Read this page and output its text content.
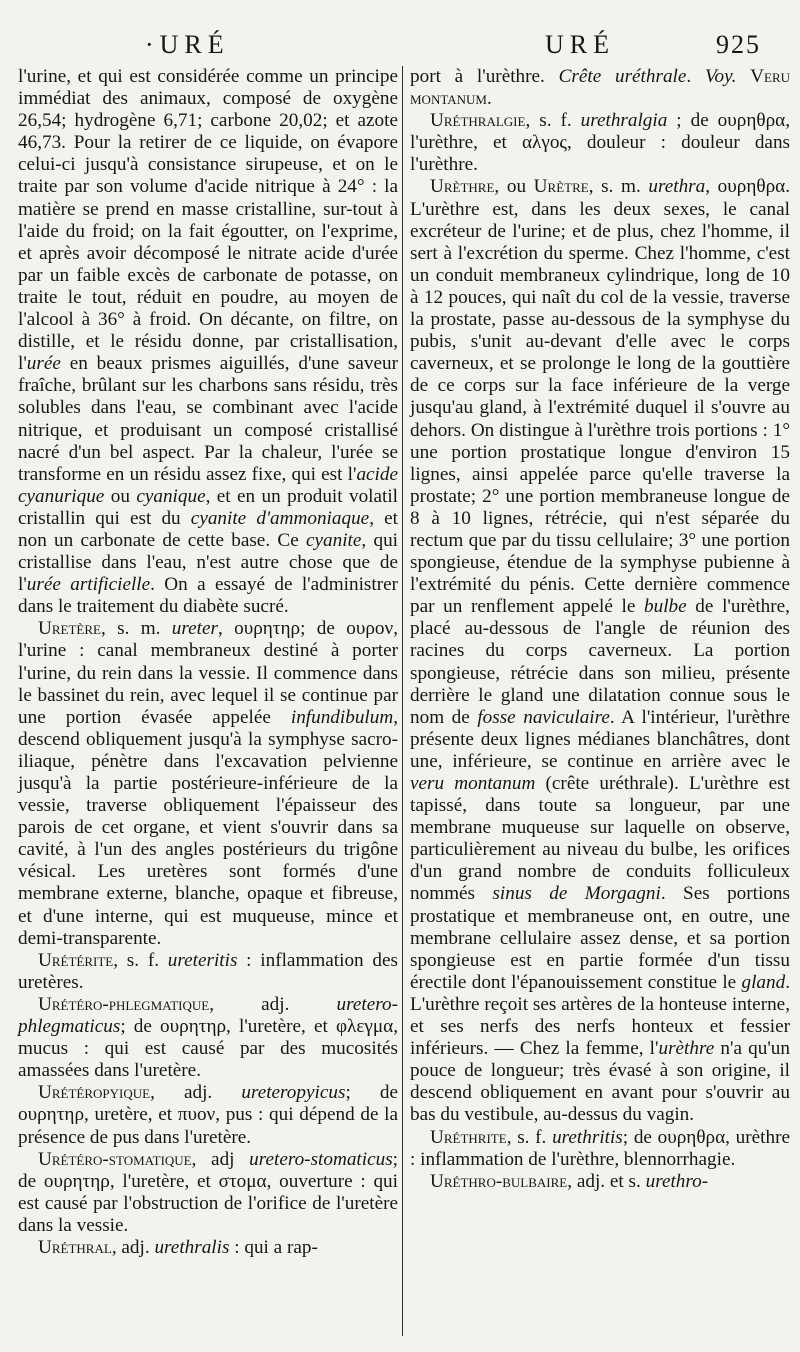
·URÉ	URÉ	925

l'urine, et qui est considérée comme un principe immédiat des animaux, composé de oxygène 26,54; hydrogène 6,71; carbone 20,02; et azote 46,73. Pour la retirer de ce liquide, on évapore celui-ci jusqu'à consistance sirupeuse, et on le traite par son volume d'acide nitrique à 24° : la matière se prend en masse cristalline, sur-tout à l'aide du froid; on la fait égoutter, on l'exprime, et après avoir décomposé le nitrate acide d'urée par un faible excès de carbonate de potasse, on traite le tout, réduit en poudre, au moyen de l'alcool à 36° à froid. On décante, on filtre, on distille, et le résidu donne, par cristallisation, l'urée en beaux prismes aiguillés, d'une saveur fraîche, brûlant sur les charbons sans résidu, très solubles dans l'eau, se combinant avec l'acide nitrique, et produisant un composé cristallisé nacré d'un bel aspect. Par la chaleur, l'urée se transforme en un résidu assez fixe, qui est l'acide cyanurique ou cyanique, et en un produit volatil cristallin qui est du cyanite d'ammoniaque, et non un carbonate de cette base. Ce cyanite, qui cristallise dans l'eau, n'est autre chose que de l'urée artificielle. On a essayé de l'administrer dans le traitement du diabète sucré.

Uretère, s. m. ureter, ουρητηρ; de ουρον, l'urine : canal membraneux destiné à porter l'urine, du rein dans la vessie. Il commence dans le bassinet du rein, avec lequel il se continue par une portion évasée appelée infundibulum, descend obliquement jusqu'à la symphyse sacro-iliaque, pénètre dans l'excavation pelvienne jusqu'à la partie postérieure-inférieure de la vessie, traverse obliquement l'épaisseur des parois de cet organe, et vient s'ouvrir dans sa cavité, à l'un des angles postérieurs du trigône vésical. Les uretères sont formés d'une membrane externe, blanche, opaque et fibreuse, et d'une interne, qui est muqueuse, mince et demi-transparente.

Urétérite, s. f. ureteritis : inflammation des uretères.

Urétéro-phlegmatique, adj. uretero-phlegmaticus; de ουρητηρ, l'uretère, et φλεγμα, mucus : qui est causé par des mucosités amassées dans l'uretère.

Urétéropyique, adj. ureteropyicus; de ουρητηρ, uretère, et πυον, pus : qui dépend de la présence de pus dans l'uretère.

Urétéro-stomatique, adj uretero-stomaticus; de ουρητηρ, l'uretère, et στομα, ouverture : qui est causé par l'obstruction de l'orifice de l'uretère dans la vessie.

Uréthral, adj. urethralis : qui a rap-

port à l'urèthre. Crête uréthrale. Voy. Veru montanum.

Uréthralgie, s. f. urethralgia ; de ουρηθρα, l'urèthre, et αλγος, douleur : douleur dans l'urèthre.

Urèthre, ou Urètre, s. m. urethra, ουρηθρα. L'urèthre est, dans les deux sexes, le canal excréteur de l'urine; et de plus, chez l'homme, il sert à l'excrétion du sperme. Chez l'homme, c'est un conduit membraneux cylindrique, long de 10 à 12 pouces, qui naît du col de la vessie, traverse la prostate, passe au-dessous de la symphyse du pubis, s'unit au-devant d'elle avec le corps caverneux, et se prolonge le long de la gouttière de ce corps sur la face inférieure de la verge jusqu'au gland, à l'extrémité duquel il s'ouvre au dehors. On distingue à l'urèthre trois portions : 1° une portion prostatique longue d'environ 15 lignes, ainsi appelée parce qu'elle traverse la prostate; 2° une portion membraneuse longue de 8 à 10 lignes, rétrécie, qui n'est séparée du rectum que par du tissu cellulaire; 3° une portion spongieuse, étendue de la symphyse pubienne à l'extrémité du pénis. Cette dernière commence par un renflement appelé le bulbe de l'urèthre, placé au-dessous de l'angle de réunion des racines du corps caverneux. La portion spongieuse, rétrécie dans son milieu, présente derrière le gland une dilatation connue sous le nom de fosse naviculaire. A l'intérieur, l'urèthre présente deux lignes médianes blanchâtres, dont une, inférieure, se continue en arrière avec le veru montanum (crête uréthrale). L'urèthre est tapissé, dans toute sa longueur, par une membrane muqueuse sur laquelle on observe, particulièrement au niveau du bulbe, les orifices d'un grand nombre de conduits folliculeux nommés sinus de Morgagni. Ses portions prostatique et membraneuse ont, en outre, une membrane cellulaire assez dense, et sa portion spongieuse est en partie formée d'un tissu érectile dont l'épanouissement constitue le gland. L'urèthre reçoit ses artères de la honteuse interne, et ses nerfs des nerfs honteux et fessier inférieurs. — Chez la femme, l'urèthre n'a qu'un pouce de longueur; très évasé à son origine, il descend obliquement en avant pour s'ouvrir au bas du vestibule, au-dessus du vagin.

Uréthrite, s. f. urethritis; de ουρηθρα, urèthre : inflammation de l'urèthre, blennorrhagie.

Uréthro-bulbaire, adj. et s. urethro-
